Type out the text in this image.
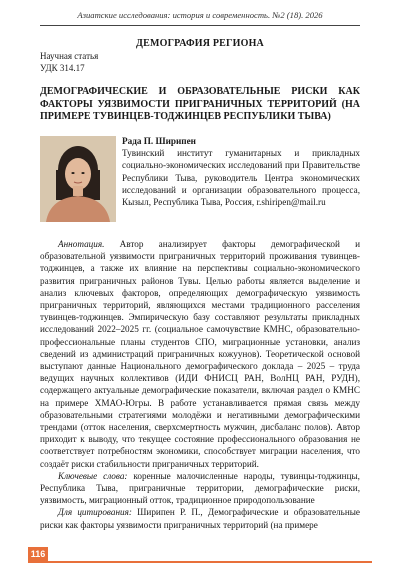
Азиатские исследования: история и современность. №2 (18). 2026
ДЕМОГРАФИЯ РЕГИОНА
Научная статья
УДК 314.17
ДЕМОГРАФИЧЕСКИЕ И ОБРАЗОВАТЕЛЬНЫЕ РИСКИ КАК ФАКТОРЫ УЯЗВИМОСТИ ПРИГРАНИЧНЫХ ТЕРРИТОРИЙ (НА ПРИМЕРЕ ТУВИНЦЕВ-ТОДЖИНЦЕВ РЕСПУБЛИКИ ТЫВА)
Рада П. Ширипен
Тувинский институт гуманитарных и прикладных социально-экономических исследований при Правительстве Республики Тыва, руководитель Центра экономических исследований и организации образовательного процесса, Кызыл, Республика Тыва, Россия, r.shiripen@mail.ru

Аннотация. Автор анализирует факторы демографической и образовательной уязвимости приграничных территорий проживания тувинцев-тоджинцев, а также их влияние на перспективы социально-экономического развития приграничных районов Тувы. Целью работы является выделение и анализ ключевых факторов, определяющих демографическую уязвимость приграничных территорий, являющихся местами традиционного расселения тувинцев-тоджинцев. Эмпирическую базу составляют результаты прикладных исследований 2022–2025 гг. (социальное самочувствие КМНС, образовательно-профессиональные планы студентов СПО, миграционные установки, анализ сведений из администраций приграничных кожуунов). Теоретической основой выступают данные Национального демографического доклада – 2025 – труда ведущих научных коллективов (ИДИ ФНИСЦ РАН, ВолНЦ РАН, РУДН), содержащего актуальные демографические показатели, включая раздел о КМНС на примере ХМАО-Югры. В работе устанавливается прямая связь между образовательными стратегиями молодёжи и негативными демографическими трендами (отток населения, сверхсмертность мужчин, дисбаланс полов). Автор приходит к выводу, что текущее состояние профессионального образования не соответствует потребностям экономики, способствует миграции населения, что создаёт риски стабильности приграничных территорий.

Ключевые слова: коренные малочисленные народы, тувинцы-тоджинцы, Республика Тыва, приграничные территории, демографические риски, уязвимость, миграционный отток, традиционное природопользование

Для цитирования: Ширипен Р. П., Демографические и образовательные риски как факторы уязвимости приграничных территорий (на примере

116
